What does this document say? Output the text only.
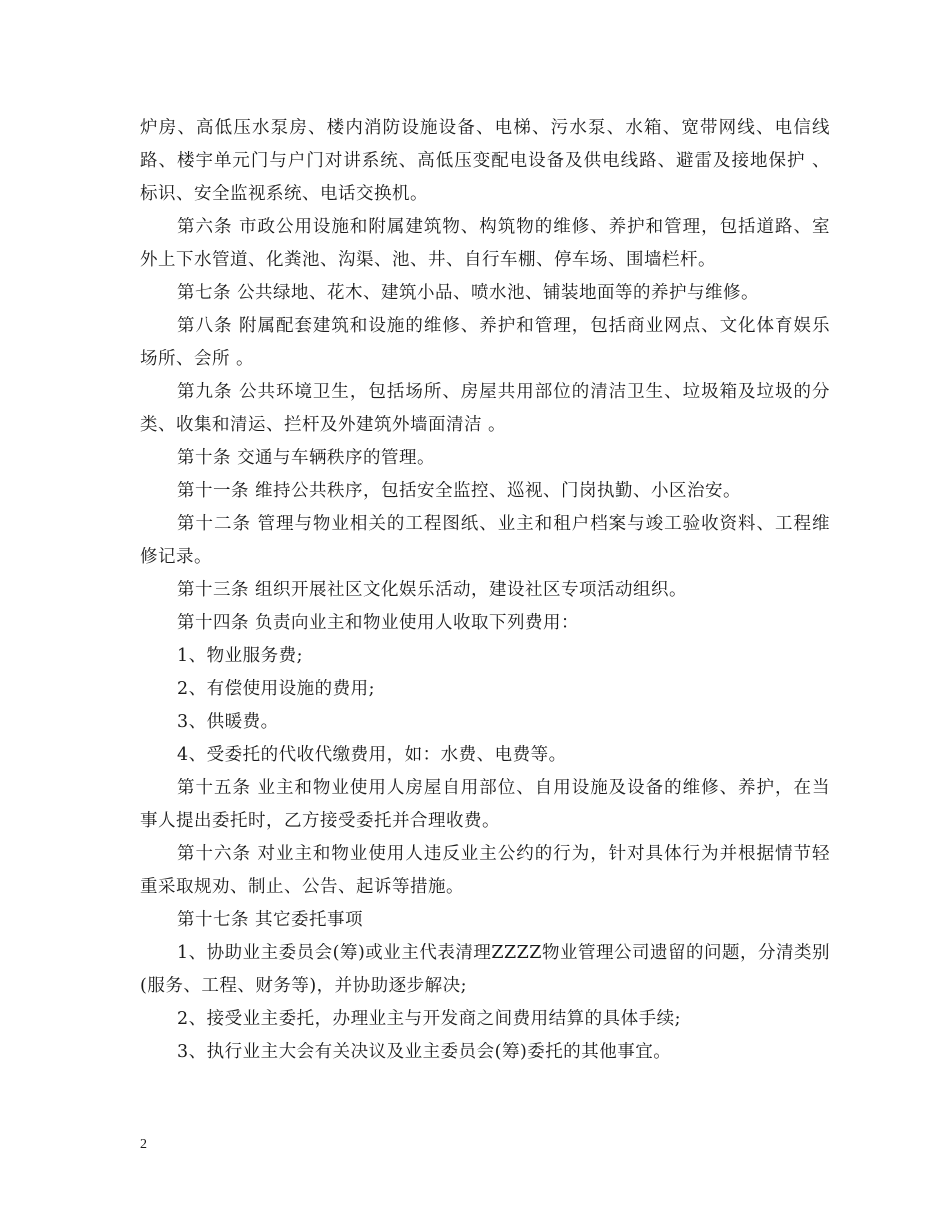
炉房、高低压水泵房、楼内消防设施设备、电梯、污水泵、水箱、宽带网线、电信线路、楼宇单元门与户门对讲系统、高低压变配电设备及供电线路、避雷及接地保护 、标识、安全监视系统、电话交换机。

第六条 市政公用设施和附属建筑物、构筑物的维修、养护和管理，包括道路、室外上下水管道、化粪池、沟渠、池、井、自行车棚、停车场、围墙栏杆。

第七条 公共绿地、花木、建筑小品、喷水池、铺装地面等的养护与维修。

第八条 附属配套建筑和设施的维修、养护和管理，包括商业网点、文化体育娱乐场所、会所 。

第九条 公共环境卫生，包括场所、房屋共用部位的清洁卫生、垃圾箱及垃圾的分类、收集和清运、拦杆及外建筑外墙面清洁 。

第十条 交通与车辆秩序的管理。

第十一条 维持公共秩序，包括安全监控、巡视、门岗执勤、小区治安。

第十二条 管理与物业相关的工程图纸、业主和租户档案与竣工验收资料、工程维修记录。

第十三条 组织开展社区文化娱乐活动，建设社区专项活动组织。

第十四条 负责向业主和物业使用人收取下列费用：

1、物业服务费;

2、有偿使用设施的费用;

3、供暖费。

4、受委托的代收代缴费用，如：水费、电费等。

第十五条 业主和物业使用人房屋自用部位、自用设施及设备的维修、养护，在当事人提出委托时，乙方接受委托并合理收费。

第十六条 对业主和物业使用人违反业主公约的行为，针对具体行为并根据情节轻重采取规劝、制止、公告、起诉等措施。

第十七条 其它委托事项

1、协助业主委员会(筹)或业主代表清理ZZZZ物业管理公司遗留的问题，分清类别(服务、工程、财务等)，并协助逐步解决;

2、接受业主委托，办理业主与开发商之间费用结算的具体手续;

3、执行业主大会有关决议及业主委员会(筹)委托的其他事宜。

2
